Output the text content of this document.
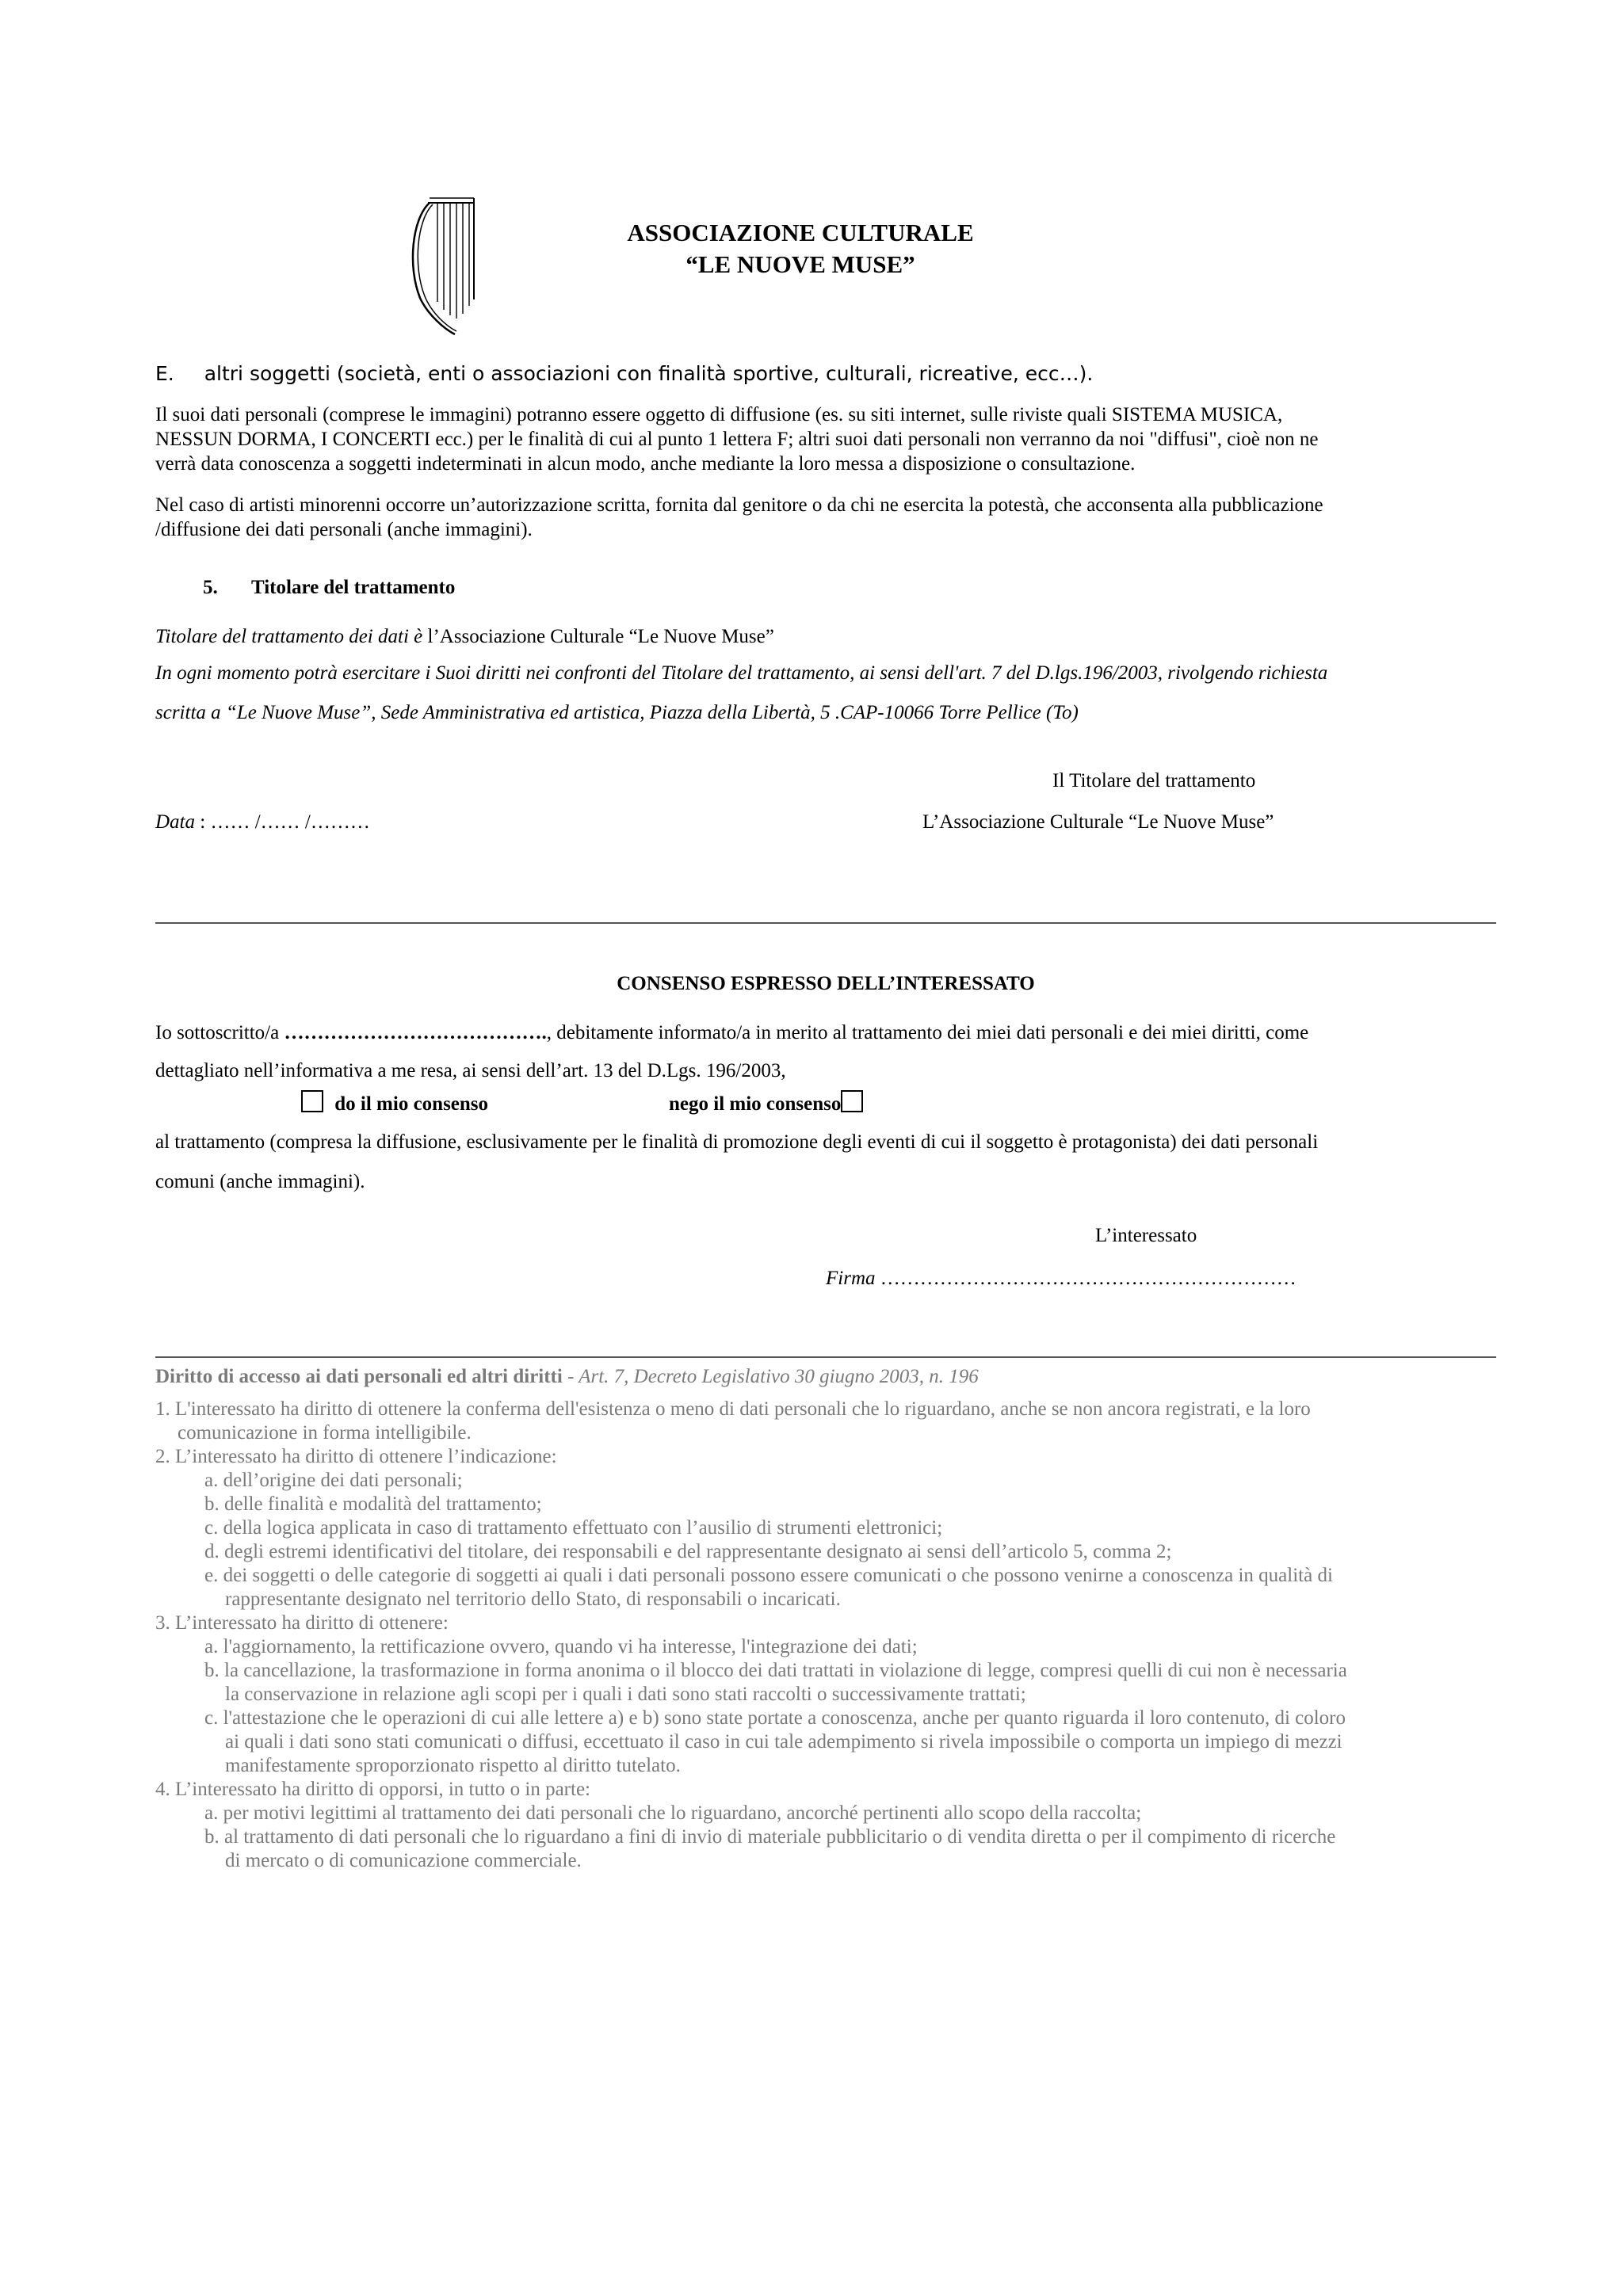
ASSOCIAZIONE CULTURALE
“LE NUOVE MUSE”
E. altri soggetti (società, enti o associazioni con finalità sportive, culturali, ricreative, ecc…).
Il suoi dati personali (comprese le immagini) potranno essere oggetto di diffusione (es. su siti internet, sulle riviste quali SISTEMA MUSICA,
NESSUN DORMA, I CONCERTI ecc.) per le finalità di cui al punto 1 lettera F; altri suoi dati personali non verranno da noi "diffusi", cioè non ne
verrà data conoscenza a soggetti indeterminati in alcun modo, anche mediante la loro messa a disposizione o consultazione.
Nel caso di artisti minorenni occorre un’autorizzazione scritta, fornita dal genitore o da chi ne esercita la potestà, che acconsenta alla pubblicazione
/diffusione dei dati personali (anche immagini).
5. Titolare del trattamento
Titolare del trattamento dei dati è l’Associazione Culturale “Le Nuove Muse”
In ogni momento potrà esercitare i Suoi diritti nei confronti del Titolare del trattamento, ai sensi dell'art. 7 del D.lgs.196/2003, rivolgendo richiesta
scritta a “Le Nuove Muse”, Sede Amministrativa ed artistica, Piazza della Libertà, 5 .CAP-10066 Torre Pellice (To)
Il Titolare del trattamento
Data : …… /…… /………	L’Associazione Culturale “Le Nuove Muse”
CONSENSO ESPRESSO DELL’INTERESSATO
Io sottoscritto/a …………………………………., debitamente informato/a in merito al trattamento dei miei dati personali e dei miei diritti, come
dettagliato nell’informativa a me resa, ai sensi dell’art. 13 del D.Lgs. 196/2003,
do il mio consenso	nego il mio consenso
al trattamento (compresa la diffusione, esclusivamente per le finalità di promozione degli eventi di cui il soggetto è protagonista) dei dati personali
comuni (anche immagini).
L’interessato
Firma ………………………………………………………
Diritto di accesso ai dati personali ed altri diritti - Art. 7, Decreto Legislativo 30 giugno 2003, n. 196
1. L'interessato ha diritto di ottenere la conferma dell'esistenza o meno di dati personali che lo riguardano, anche se non ancora registrati, e la loro
comunicazione in forma intelligibile.
2. L’interessato ha diritto di ottenere l’indicazione:
a. dell’origine dei dati personali;
b. delle finalità e modalità del trattamento;
c. della logica applicata in caso di trattamento effettuato con l’ausilio di strumenti elettronici;
d. degli estremi identificativi del titolare, dei responsabili e del rappresentante designato ai sensi dell’articolo 5, comma 2;
e. dei soggetti o delle categorie di soggetti ai quali i dati personali possono essere comunicati o che possono venirne a conoscenza in qualità di
rappresentante designato nel territorio dello Stato, di responsabili o incaricati.
3. L’interessato ha diritto di ottenere:
a. l'aggiornamento, la rettificazione ovvero, quando vi ha interesse, l'integrazione dei dati;
b. la cancellazione, la trasformazione in forma anonima o il blocco dei dati trattati in violazione di legge, compresi quelli di cui non è necessaria
la conservazione in relazione agli scopi per i quali i dati sono stati raccolti o successivamente trattati;
c. l'attestazione che le operazioni di cui alle lettere a) e b) sono state portate a conoscenza, anche per quanto riguarda il loro contenuto, di coloro
ai quali i dati sono stati comunicati o diffusi, eccettuato il caso in cui tale adempimento si rivela impossibile o comporta un impiego di mezzi
manifestamente sproporzionato rispetto al diritto tutelato.
4. L’interessato ha diritto di opporsi, in tutto o in parte:
a. per motivi legittimi al trattamento dei dati personali che lo riguardano, ancorché pertinenti allo scopo della raccolta;
b. al trattamento di dati personali che lo riguardano a fini di invio di materiale pubblicitario o di vendita diretta o per il compimento di ricerche
di mercato o di comunicazione commerciale.
